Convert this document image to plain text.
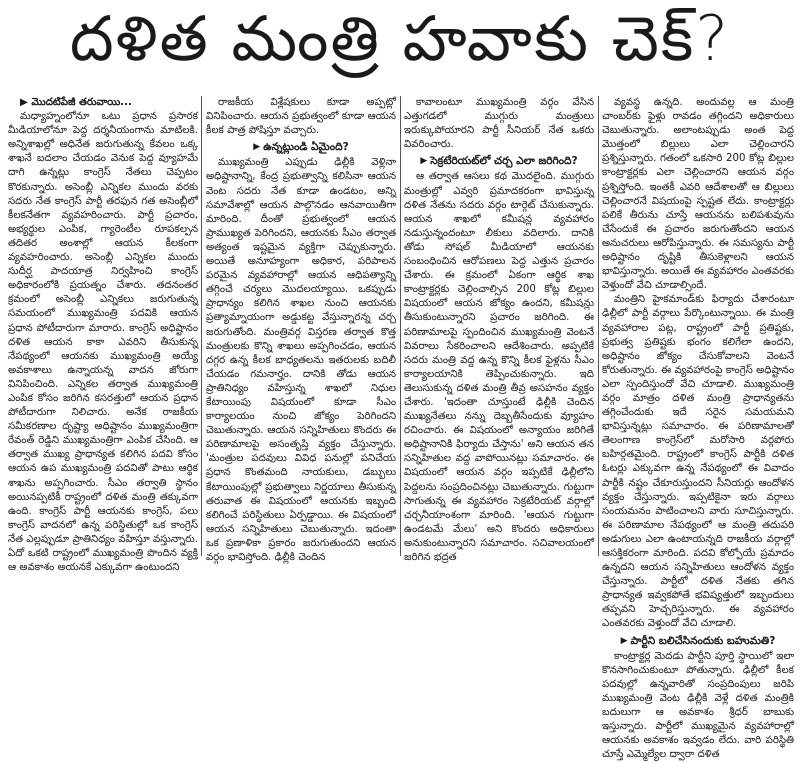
దళిత మంత్రి హవాకు చెక్?

▶ మొదటిపేజీ తరువాయి...

మధ్యాహ్నంలోనూ ఒటు ప్రధాన ప్రసారక మీడియాలోనూ పెద్ద దర్శనీయంగాను మాటిలకి. అన్నిశాఖల్లో అధినేత జరుగుతున్న కేవలం ఒక్క శాఖనే బదలాం చేయడం వెనుక పెద్ద వ్యూహమే దాగి ఉన్నట్లు కాంగ్రెస్ నేతలు చెప్పటం కొరకున్నారు. అసెంబ్లీ ఎన్నికల ముందు వరకు సదరు నేత కాంగ్రెస్ పార్టీ తరఫున గత అసెంబ్లీలో కీలకనేతగా వ్యవహరించారు. పార్టీ ప్రచారం, అభ్యర్థుల ఎంపిక, గ్యారెంటీల రూపకల్పన తదితర అంశాల్లో ఆయన కీలకంగా వ్యవహరించారు. అసెంబ్లీ ఎన్నికల ముందు సుదీర్ఘ పాదయాత్ర నిర్వహించి కాంగ్రెస్ అధికారంలోకి ప్రయత్నం చేశారు. తదనంతర క్రమంలో అసెంబ్లీ ఎన్నికలు జరుగుతున్న సమయంలో ముఖ్యమంత్రి పదవికి ఆయన ప్రధాన పోటీదారుగా మారారు. కాంగ్రెస్ అధిష్టానం దళిత ఆయన కాకా ఎవరిని తీసుకున్న నేపథ్యంలో ఆయనకు ముఖ్యమంత్రి అయ్యే అవకాశాలు ఉన్నాయన్న వాదన జోరుగా వినిపించింది. ఎన్నికల తర్వాత ముఖ్యమంత్రి ఎంపిక కోసం జరిగిన కసరత్తులో ఆయన ప్రధాన పోటీదారుగా నిలిచారు. అనేక రాజకీయ సమీకరణాల దృష్ట్యా అధిష్టానం ముఖ్యమంత్రిగా రేవంత్ రెడ్డిని ముఖ్యమంత్రిగా ఎంపిక చేసింది. ఆ తర్వాత ముఖ్య ప్రాధాన్యత కలిగిన పదవి కోసం ఆయన ఉప ముఖ్యమంత్రి పదవితో పాటు ఆర్థిక శాఖను అప్పగించారు. సీఎం తర్వాతి స్థానం అయినప్పటికీ రాష్ట్రంలో దళిత మంత్రి తక్కువగా ఉంది. కాంగ్రెస్ పార్టీ ఆయనకు కాంగ్రెస్, పలు కాంగ్రెస్ వాదనలో ఉన్న పరిస్థితుల్లో ఒక కాంగ్రెస్ నేత ఎల్లప్పుడూ ప్రాతినిధ్యం వహిస్తూ వస్తున్నారు. ఏదో ఒకటి రాష్ట్రంలో ముఖ్యమంత్రి పొందిన వ్యక్తి ఆ అవకాశం అయనకే ఎక్కువగా ఉంటుందని

రాజకీయ విశ్లేషకులు కూడా అప్పట్లో వినిపించారు. ఆయన ప్రభుత్వంలో కూడా ఆయన కీలక పాత్ర పోషిస్తూ వచ్చారు.

▶ ఉన్నట్లుండి ఏమైంది?

ముఖ్యమంత్రి ఎప్పుడు ఢిల్లీకి వెళ్లినా అధిష్టానాన్ని, కేంద్ర ప్రభుత్వాన్ని కలిసినా ఆయన వెంట సదరు నేత కూడా ఉండటం, అన్ని సమావేశాల్లో ఆయన పాల్గొనడం ఆనవాయితీగా మారింది. దీంతో ప్రభుత్వంలో ఆయన ప్రాముఖ్యత పెరిగిందని, ఆయనకు సీఎం తర్వాత అత్యంత ఇష్టమైన వ్యక్తిగా చెప్పుకున్నారు. అయితే అనూహ్యంగా అధికార, పరిపాలన పరమైన వ్యవహారాల్లో ఆయన ఆధిపత్యాన్ని తగ్గించే చర్యలు మొదలయ్యాయి. ఒకప్పుడు ప్రాధాన్యం కలిగిన శాఖల నుంచి ఆయనకు ప్రత్యామ్నాయంగా అడ్డుకట్ట వేస్తున్నారన్న చర్చ జరుగుతోంది. మంత్రివర్గ విస్తరణ తర్వాత కొత్త మంత్రులకు కొన్ని శాఖలు అప్పగించడం, ఆయన దగ్గర ఉన్న కీలక బాధ్యతలను ఇతరులకు బదిలీ చేయడం గమనార్హం. దానికి తోడు ఆయన ప్రాతినిధ్యం వహిస్తున్న శాఖలో నిధుల కేటాయింపు విషయంలో కూడా సీఎం కార్యాలయం నుంచి జోక్యం పెరిగిందని చెబుతున్నారు. ఆయన సన్నిహితులు కొందరు ఈ పరిణామాలపై అసంతృప్తి వ్యక్తం చేస్తున్నారు. 'మంత్రుల పదవులు వివిధ పనుల్లో పనిచేయ ప్రధాన కొంతమంది నాయకులు, డబ్బులు కేటాయింపుల్లో ప్రభుత్వాలు నిర్ణయాలు తీసుకున్న తరువాత ఈ విషయంలో ఆయనకు ఇబ్బంది కలిగించే పరిస్థితులు ఏర్పడ్డాయి. ఈ విషయంలో ఆయన సన్నిహితులు చెబుతున్నారు. ఇదంతా ఒక ప్రణాళికా ప్రకారం జరుగుతుందని ఆయన వర్గం భావిస్తోంది. ఢిల్లీకి చెందిన

కావాలంటూ ముఖ్యమంత్రి వర్గం వేసిన ఎత్తుగడలో ముగ్గురు మంత్రులు ఇరుక్కుపోయారని పార్టీ సీనియర్ నేత ఒకరు వివరించారు.

▶ సెక్రటేరియట్‌లో చర్చ ఎలా జరిగింది?

ఆ తర్వాత ఆసలు కథ మొదలైంది. ముగ్గురు మంత్రుల్లో ఎవ్వరి ప్రమాదకరంగా భావిస్తున్న దళిత నేతను సదరు వర్గం టార్గెట్ చేసుకున్నారు. ఆయన శాఖలో కమీషన్ల వ్యవహారం నడుస్తున్నందంటూ లీకులు వదిలారు. దానికి తోడు సోషల్ మీడియాలో ఆయనకు సంబంధించిన ఆరోపణలు పెద్ద ఎత్తున ప్రచారం చేశారు. ఈ క్రమంలో ఏకంగా ఆర్థిక శాఖ కాంట్రాక్టర్లకు చెల్లించాల్సిన 200 కోట్ల బిల్లుల విషయంలో ఆయన జోక్యం ఉందని, కమీషన్లు తీసుకుంటున్నారని ప్రచారం జరిగింది. ఈ పరిణామాలపై స్పందించిన ముఖ్యమంత్రి వెంటనే వివరాలు సేకరించాలని ఆదేశించారు. అప్పటికే సదరు మంత్రి వద్ద ఉన్న కొన్ని కీలక ఫైళ్లను సీఎం కార్యాలయానికి తెప్పించుకున్నారు. ఇది తెలుసుకున్న దళిత మంత్రి తీవ్ర అసహనం వ్యక్తం చేశారు. 'ఇదంతా చూస్తుంటే ఢిల్లీకి చెందిన ముఖ్యనేతలు నన్ను దెబ్బతీసేందుకు వ్యూహం రచించారు. ఈ విషయంలో అన్యాయం జరిగితే అధిష్టానానికి ఫిర్యాదు చేస్తాను' అని ఆయన తన సన్నిహితుల వద్ద వాపోయినట్లు సమాచారం. ఈ విషయంలో ఆయన వర్గం ఇప్పటికే ఢిల్లీలోని పెద్దలను సంప్రదించినట్లు చెబుతున్నారు. గుట్టుగా సాగుతున్న ఈ వ్యవహారం సెక్రటేరియట్ వర్గాల్లో చర్చనీయాంశంగా మారింది. 'ఆయన గుట్టుగా ఉండటమే మేలు' అని కొందరు అధికారులు అనుకుంటున్నారని సమాచారం. సచివాలయంలో జరిగిన భద్రత

వ్యవస్థ ఉన్నది. అందువల్ల ఆ మంత్రి చాంబర్‌కు ఫైళ్లు రావడం తగ్గిందని అధికారులు చెబుతున్నారు. అలాంటప్పుడు అంత పెద్ద మొత్తంలో బిల్లులు ఎలా చెల్లించారని ప్రశ్నిస్తున్నారు. గతంలో ఒకసారి 200 కోట్ల బిల్లుల కాంట్రాక్టర్లకు ఎలా చెల్లించారని ఆయన వర్గం ప్రశ్నిస్తోంది. ఇంతకీ ఎవరి ఆదేశాలతో ఆ బిల్లులు చెల్లించారనే విషయంపై స్పష్టత లేదు. కాంట్రాక్టర్లు పలికే తీరును చూస్తే ఆయనను బలిపశువును చేసేందుకే ఈ ప్రచారం జరుగుతోందని ఆయన అనుచరులు ఆరోపిస్తున్నారు. ఈ సమస్యను పార్టీ అధిష్టానం దృష్టికి తీసుకెళ్లాలని ఆయన భావిస్తున్నారు. అయితే ఈ వ్యవహారం ఎంతవరకు వెళ్తుందో వేచి చూడాల్సిందే.

మంత్రిని హైకమాండ్‌కు ఫిర్యాదు చేశారంటూ ఢిల్లీలో పార్టీ వర్గాలు పేర్కొంటున్నాయి. ఈ మంత్రి వ్యవహారాల పట్ల, రాష్ట్రంలో పార్టీ ప్రతిష్టకు, ప్రభుత్వ ప్రతిష్టకు భంగం కలిగేలా ఉందని, అధిష్టానం జోక్యం చేసుకోవాలని వెంటనే కోరుతున్నారు. ఈ వ్యవహారంపై కాంగ్రెస్ అధిష్టానం ఎలా స్పందిస్తుందో వేచి చూడాలి. ముఖ్యమంత్రి వర్గం మాత్రం దళిత మంత్రి ప్రాధాన్యతను తగ్గించేందుకు ఇదే సరైన సమయమని భావిస్తున్నట్లు సమాచారం. ఈ పరిణామాలతో తెలంగాణ కాంగ్రెస్‌లో మరోసారి వర్గపోరు బహిర్గతమైంది. రాష్ట్రంలో కాంగ్రెస్ పార్టీకి దళిత ఓటర్లు ఎక్కువగా ఉన్న నేపథ్యంలో ఈ వివాదం పార్టీకి నష్టం చేకూరుస్తుందని సీనియర్లు ఆందోళన వ్యక్తం చేస్తున్నారు. ఇప్పటికైనా ఇరు వర్గాలు సంయమనం పాటించాలని వారు సూచిస్తున్నారు. ఈ పరిణామాల నేపథ్యంలో ఆ మంత్రి తదుపరి అడుగులు ఎలా ఉంటాయన్నది రాజకీయ వర్గాల్లో ఆసక్తికరంగా మారింది. పదవి కోల్పోయే ప్రమాదం ఉన్నదని ఆయన సన్నిహితులు ఆందోళన వ్యక్తం చేస్తున్నారు. పార్టీలో దళిత నేతకు తగిన ప్రాధాన్యత ఇవ్వకపోతే భవిష్యత్తులో ఇబ్బందులు తప్పవని హెచ్చరిస్తున్నారు. ఈ వ్యవహారం ఎంతవరకు వెళ్తుందో వేచి చూడాలి.

▶ పార్టీని బలిచేసినందుకు బహుమతి?

కాంట్రాక్టర్ల మెదడు పార్టీని పూర్తి స్థాయిలో ఇలా కొనసాగించుకుంటూ పోతున్నారు. ఢిల్లీలో కీలక పదవుల్లో ఉన్నవారితో సంప్రదింపులు జరిపి ముఖ్యమంత్రి వెంట ఢిల్లీకి వెళ్లే దళిత మంత్రికి బదులుగా ఆ అవకాశం శ్రీధర్ బాబుకు ఇస్తున్నారు. పార్టీలో ముఖ్యమైన వ్యవహారాల్లో ఆయనకు అవకాశం ఇవ్వడం లేదు. వారి పరిస్థితి చూస్తే ఎమ్మెల్యేల ద్వారా దళిత
